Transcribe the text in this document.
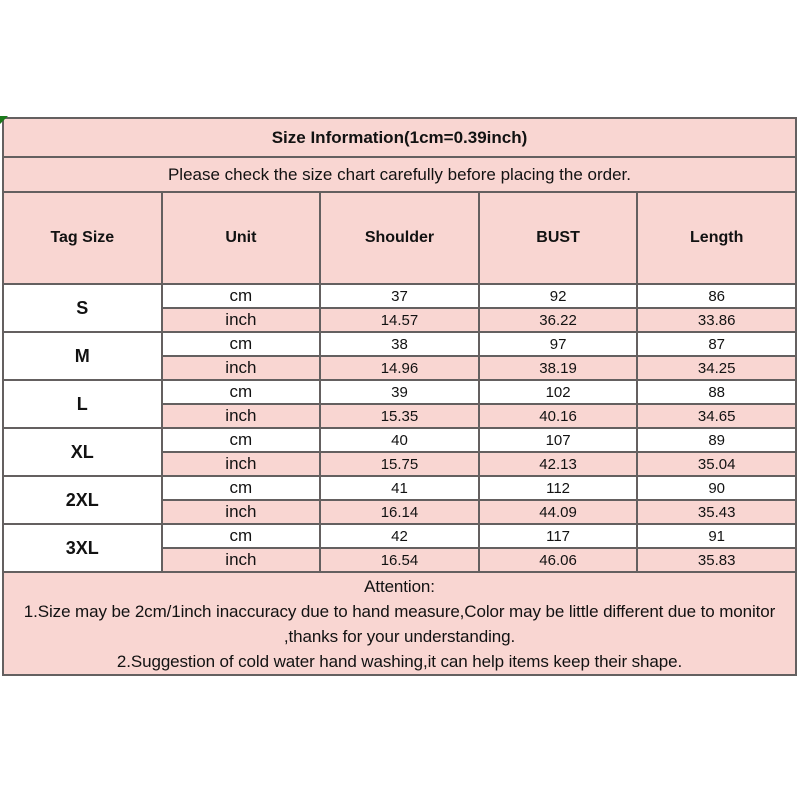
Size Information(1cm=0.39inch)				
Please check the size chart carefully before placing the order.				
Tag Size	Unit	Shoulder	BUST	Length
S	cm	37	92	86
	inch	14.57	36.22	33.86
M	cm	38	97	87
	inch	14.96	38.19	34.25
L	cm	39	102	88
	inch	15.35	40.16	34.65
XL	cm	40	107	89
	inch	15.75	42.13	35.04
2XL	cm	41	112	90
	inch	16.14	44.09	35.43
3XL	cm	42	117	91
	inch	16.54	46.06	35.83

Attention:
1.Size may be 2cm/1inch inaccuracy due to hand measure,Color may be little different due to monitor
,thanks for your understanding.
2.Suggestion of cold water hand washing,it can help items keep their shape.				
